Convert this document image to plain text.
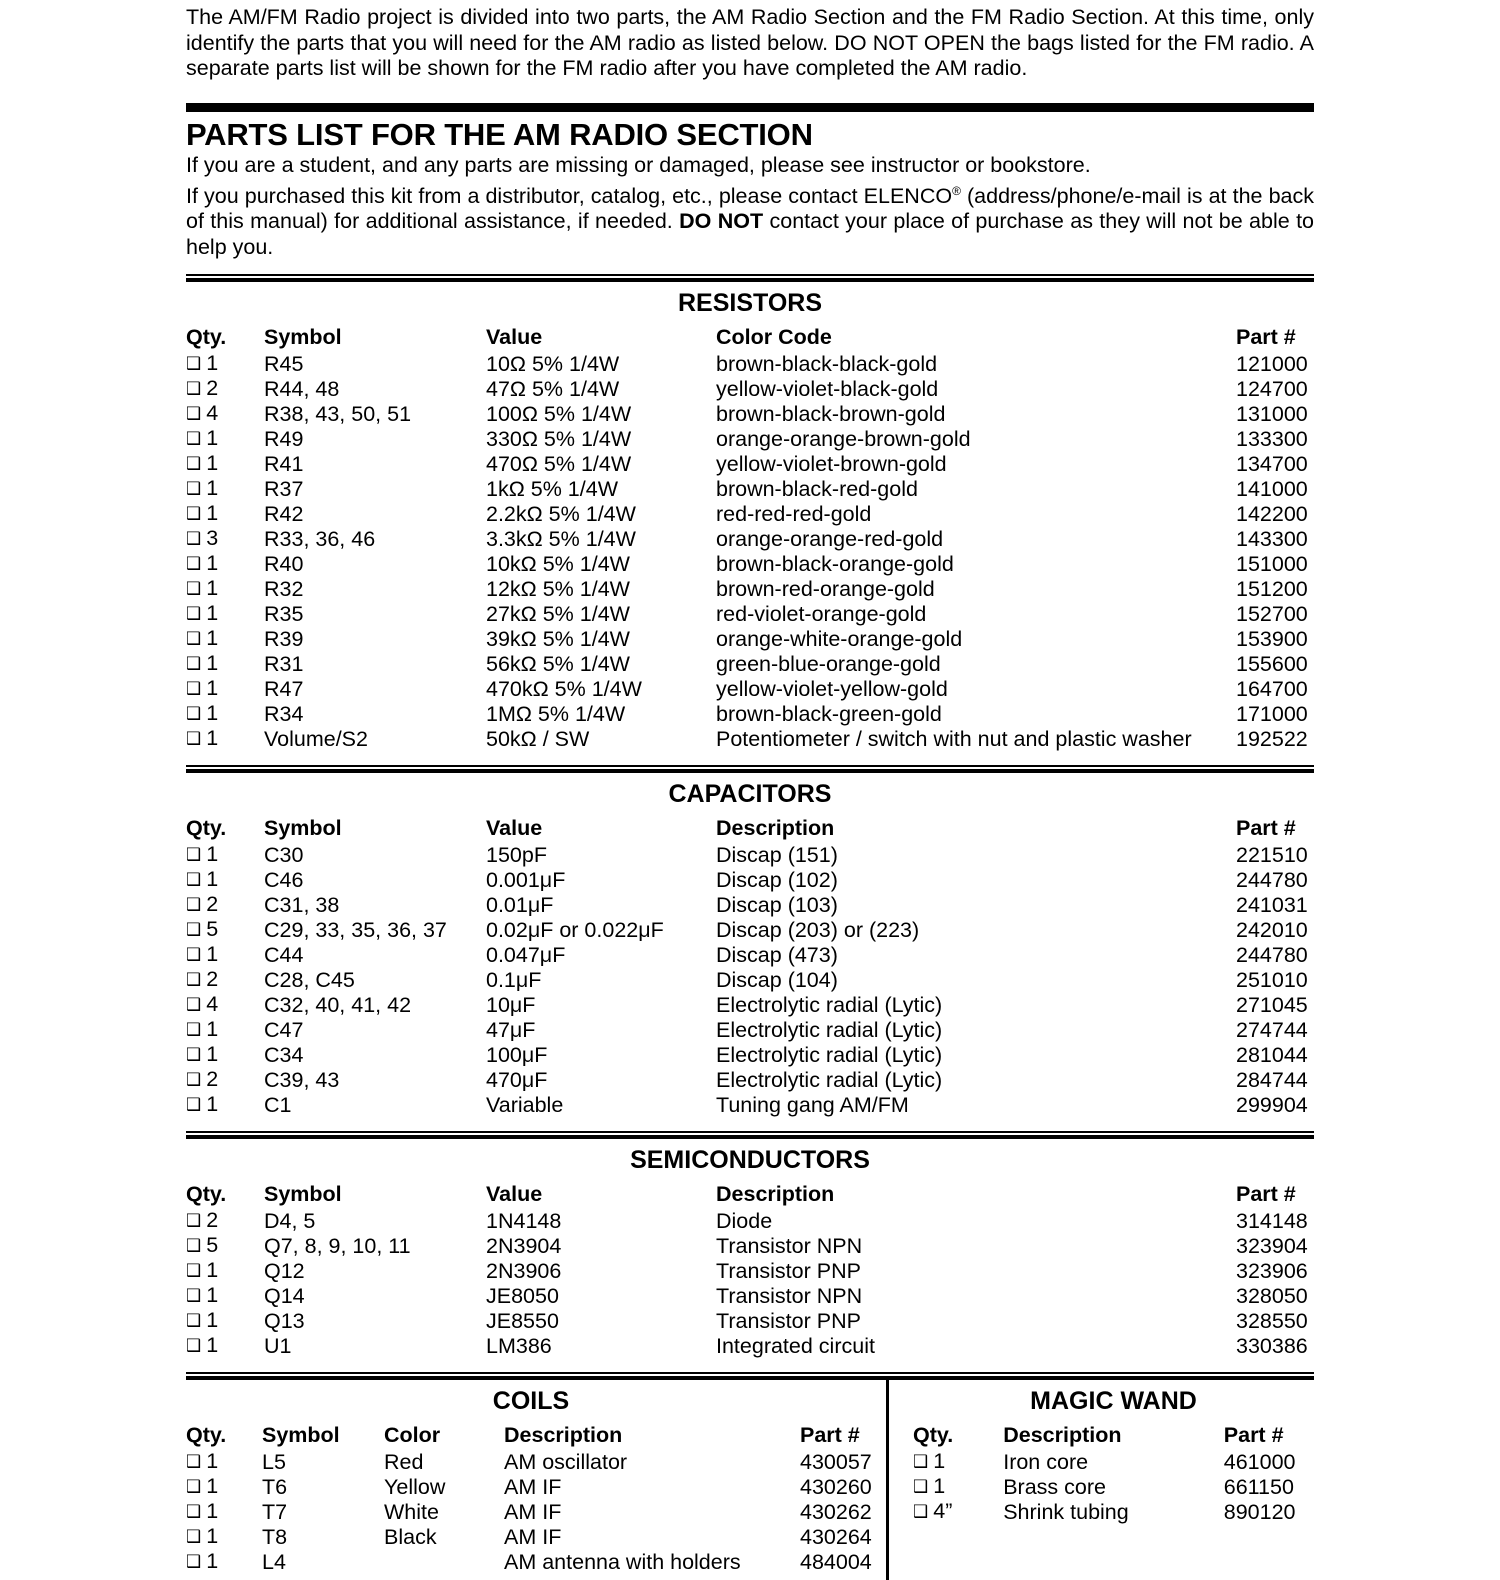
The AM/FM Radio project is divided into two parts, the AM Radio Section and the FM Radio Section. At this time, only identify the parts that you will need for the AM radio as listed below. DO NOT OPEN the bags listed for the FM radio. A separate parts list will be shown for the FM radio after you have completed the AM radio.

PARTS LIST FOR THE AM RADIO SECTION
If you are a student, and any parts are missing or damaged, please see instructor or bookstore.
If you purchased this kit from a distributor, catalog, etc., please contact ELENCO® (address/phone/e-mail is at the back of this manual) for additional assistance, if needed. DO NOT contact your place of purchase as they will not be able to help you.
RESISTORS
Qty.	Symbol	Value	Color Code	Part #
❑ 1	R45	10Ω 5% 1/4W	brown-black-black-gold	121000
❑ 2	R44, 48	47Ω 5% 1/4W	yellow-violet-black-gold	124700
❑ 4	R38, 43, 50, 51	100Ω 5% 1/4W	brown-black-brown-gold	131000
❑ 1	R49	330Ω 5% 1/4W	orange-orange-brown-gold	133300
❑ 1	R41	470Ω 5% 1/4W	yellow-violet-brown-gold	134700
❑ 1	R37	1kΩ 5% 1/4W	brown-black-red-gold	141000
❑ 1	R42	2.2kΩ 5% 1/4W	red-red-red-gold	142200
❑ 3	R33, 36, 46	3.3kΩ 5% 1/4W	orange-orange-red-gold	143300
❑ 1	R40	10kΩ 5% 1/4W	brown-black-orange-gold	151000
❑ 1	R32	12kΩ 5% 1/4W	brown-red-orange-gold	151200
❑ 1	R35	27kΩ 5% 1/4W	red-violet-orange-gold	152700
❑ 1	R39	39kΩ 5% 1/4W	orange-white-orange-gold	153900
❑ 1	R31	56kΩ 5% 1/4W	green-blue-orange-gold	155600
❑ 1	R47	470kΩ 5% 1/4W	yellow-violet-yellow-gold	164700
❑ 1	R34	1MΩ 5% 1/4W	brown-black-green-gold	171000
❑ 1	Volume/S2	50kΩ / SW	Potentiometer / switch with nut and plastic washer	192522
CAPACITORS
Qty.	Symbol	Value	Description	Part #
❑ 1	C30	150pF	Discap (151)	221510
❑ 1	C46	0.001μF	Discap (102)	244780
❑ 2	C31, 38	0.01μF	Discap (103)	241031
❑ 5	C29, 33, 35, 36, 37	0.02μF or 0.022μF	Discap (203) or (223)	242010
❑ 1	C44	0.047μF	Discap (473)	244780
❑ 2	C28, C45	0.1μF	Discap (104)	251010
❑ 4	C32, 40, 41, 42	10μF	Electrolytic radial (Lytic)	271045
❑ 1	C47	47μF	Electrolytic radial (Lytic)	274744
❑ 1	C34	100μF	Electrolytic radial (Lytic)	281044
❑ 2	C39, 43	470μF	Electrolytic radial (Lytic)	284744
❑ 1	C1	Variable	Tuning gang AM/FM	299904
SEMICONDUCTORS
Qty.	Symbol	Value	Description	Part #
❑ 2	D4, 5	1N4148	Diode	314148
❑ 5	Q7, 8, 9, 10, 11	2N3904	Transistor NPN	323904
❑ 1	Q12	2N3906	Transistor PNP	323906
❑ 1	Q14	JE8050	Transistor NPN	328050
❑ 1	Q13	JE8550	Transistor PNP	328550
❑ 1	U1	LM386	Integrated circuit	330386
COILS
Qty.	Symbol	Color	Description	Part #
❑ 1	L5	Red	AM oscillator	430057
❑ 1	T6	Yellow	AM IF	430260
❑ 1	T7	White	AM IF	430262
❑ 1	T8	Black	AM IF	430264
❑ 1	L4		AM antenna with holders	484004
MAGIC WAND
Qty.	Description	Part #
❑ 1	Iron core	461000
❑ 1	Brass core	661150
❑ 4”	Shrink tubing	890120
